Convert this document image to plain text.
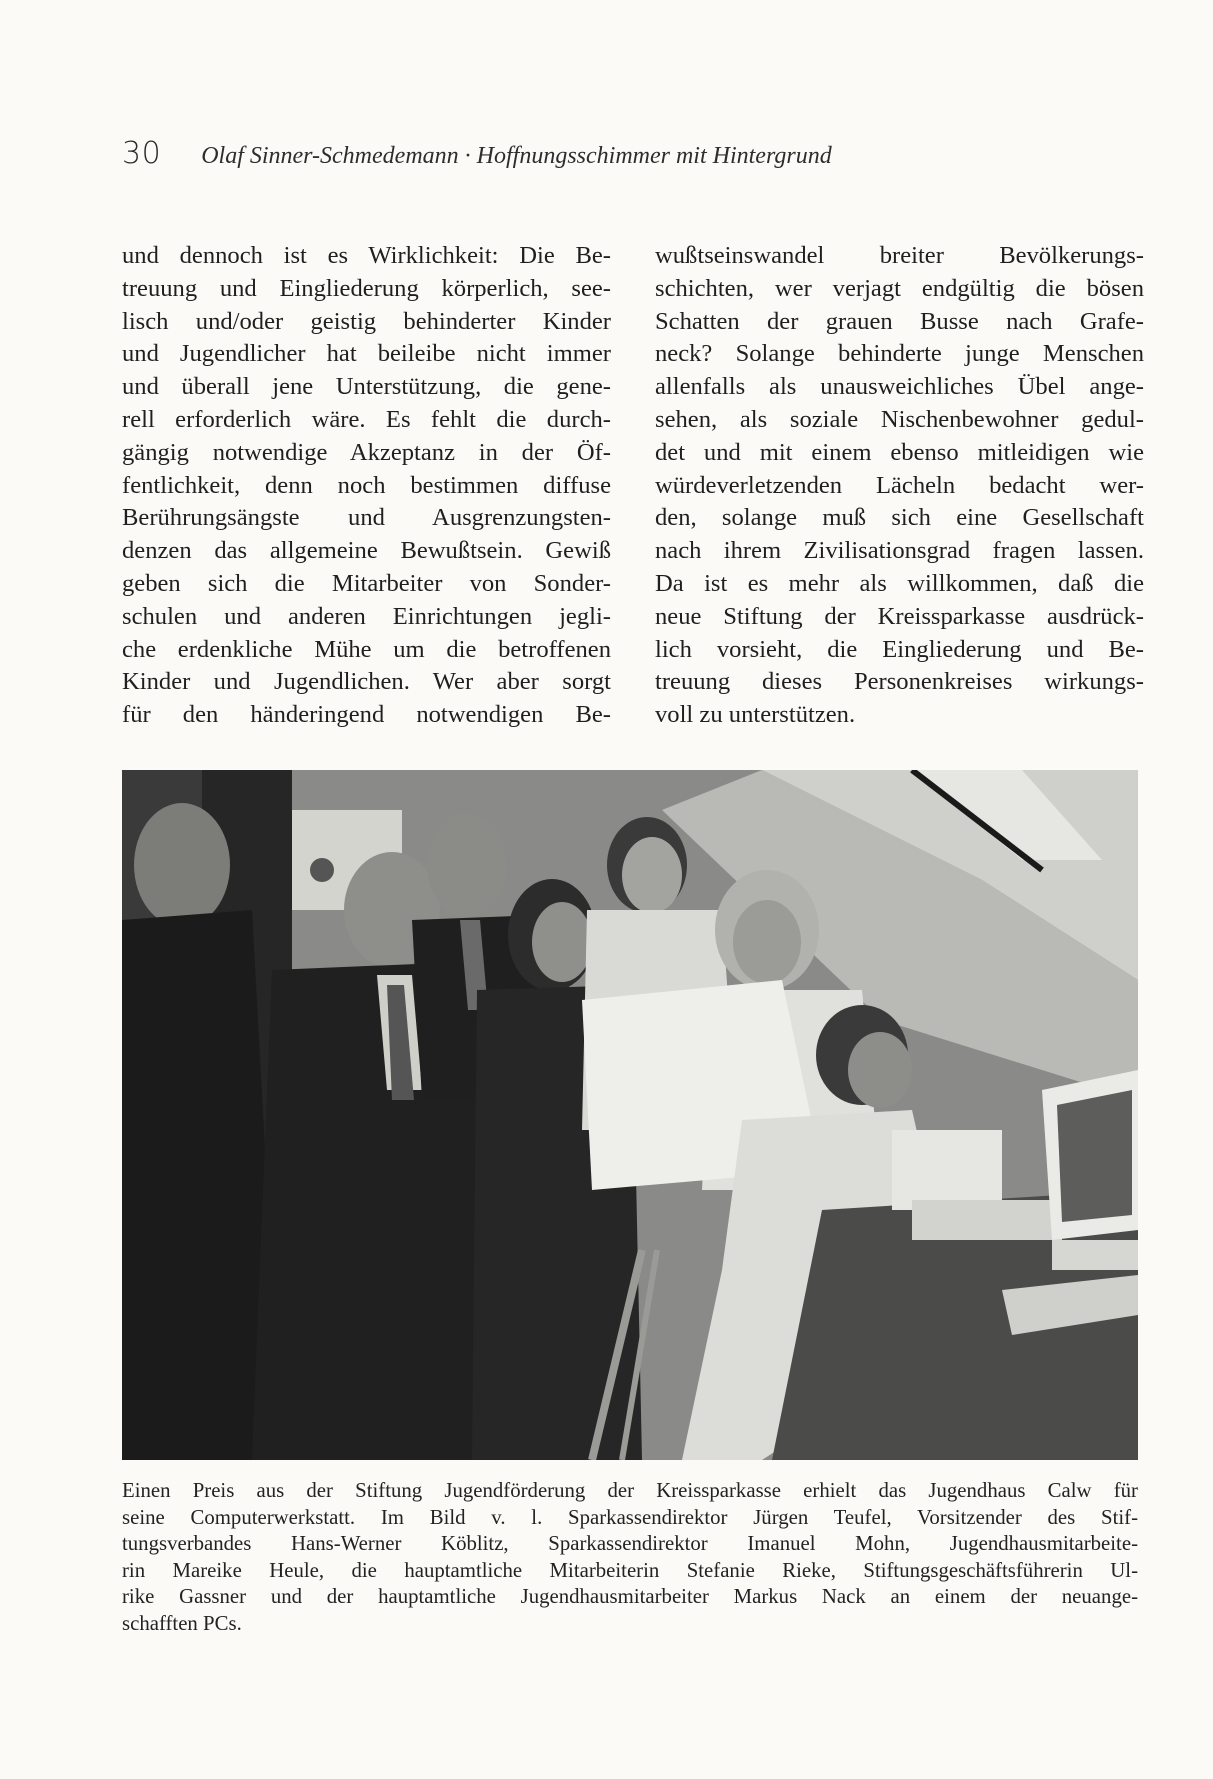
30 Olaf Sinner-Schmedemann · Hoffnungsschimmer mit Hintergrund
und dennoch ist es Wirklichkeit: Die Be-
treuung und Eingliederung körperlich, see-
lisch und/oder geistig behinderter Kinder
und Jugendlicher hat beileibe nicht immer
und überall jene Unterstützung, die gene-
rell erforderlich wäre. Es fehlt die durch-
gängig notwendige Akzeptanz in der Öf-
fentlichkeit, denn noch bestimmen diffuse
Berührungsängste und Ausgrenzungsten-
denzen das allgemeine Bewußtsein. Gewiß
geben sich die Mitarbeiter von Sonder-
schulen und anderen Einrichtungen jegli-
che erdenkliche Mühe um die betroffenen
Kinder und Jugendlichen. Wer aber sorgt
für den händeringend notwendigen Be-
wußtseinswandel breiter Bevölkerungs-
schichten, wer verjagt endgültig die bösen
Schatten der grauen Busse nach Grafe-
neck? Solange behinderte junge Menschen
allenfalls als unausweichliches Übel ange-
sehen, als soziale Nischenbewohner gedul-
det und mit einem ebenso mitleidigen wie
würdeverletzenden Lächeln bedacht wer-
den, solange muß sich eine Gesellschaft
nach ihrem Zivilisationsgrad fragen lassen.
Da ist es mehr als willkommen, daß die
neue Stiftung der Kreissparkasse ausdrück-
lich vorsieht, die Eingliederung und Be-
treuung dieses Personenkreises wirkungs-
voll zu unterstützen.
Einen Preis aus der Stiftung Jugendförderung der Kreissparkasse erhielt das Jugendhaus Calw für
seine Computerwerkstatt. Im Bild v. l. Sparkassendirektor Jürgen Teufel, Vorsitzender des Stif-
tungsverbandes Hans-Werner Köblitz, Sparkassendirektor Imanuel Mohn, Jugendhausmitarbeite-
rin Mareike Heule, die hauptamtliche Mitarbeiterin Stefanie Rieke, Stiftungsgeschäftsführerin Ul-
rike Gassner und der hauptamtliche Jugendhausmitarbeiter Markus Nack an einem der neuange-
schafften PCs.
